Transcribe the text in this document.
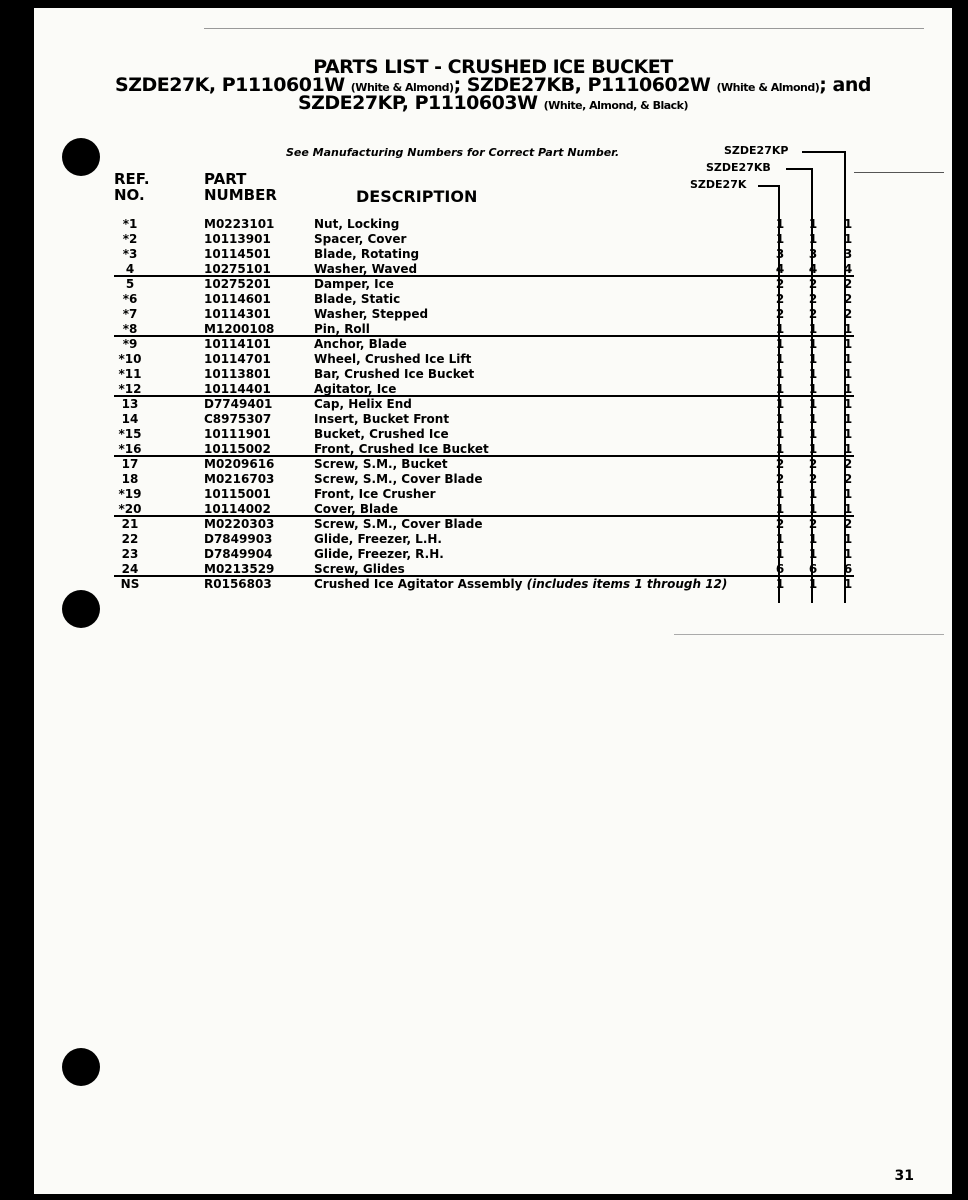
PARTS LIST - CRUSHED ICE BUCKET
SZDE27K, P1110601W (White & Almond); SZDE27KB, P1110602W (White & Almond); and
SZDE27KP, P1110603W (White, Almond, & Black)
See Manufacturing Numbers for Correct Part Number.	SZDE27KP
SZDE27KB
SZDE27K
REF.
NO.
PART
NUMBER	DESCRIPTION
*1	M0223101	Nut, Locking	1 1 1
*2	10113901	Spacer, Cover	1 1 1
*3	10114501	Blade, Rotating	3 3 3
4	10275101	Washer, Waved	4 4 4
5	10275201	Damper, Ice	2 2 2
*6	10114601	Blade, Static	2 2 2
*7	10114301	Washer, Stepped	2 2 2
*8	M1200108	Pin, Roll	1 1 1
*9	10114101	Anchor, Blade	1 1 1
*10	10114701	Wheel, Crushed Ice Lift	1 1 1
*11	10113801	Bar, Crushed Ice Bucket	1 1 1
*12	10114401	Agitator, Ice	1 1 1
13	D7749401	Cap, Helix End	1 1 1
14	C8975307	Insert, Bucket Front	1 1 1
*15	10111901	Bucket, Crushed Ice	1 1 1
*16	10115002	Front, Crushed Ice Bucket	1 1 1
17	M0209616	Screw, S.M., Bucket	2 2 2
18	M0216703	Screw, S.M., Cover Blade	2 2 2
*19	10115001	Front, Ice Crusher	1 1 1
*20	10114002	Cover, Blade	1 1 1
21	M0220303	Screw, S.M., Cover Blade	2 2 2
22	D7849903	Glide, Freezer, L.H.	1 1 1
23	D7849904	Glide, Freezer, R.H.	1 1 1
24	M0213529	Screw, Glides	6 6 6
NS	R0156803	Crushed Ice Agitator Assembly (includes items 1 through 12)	1 1 1
31
